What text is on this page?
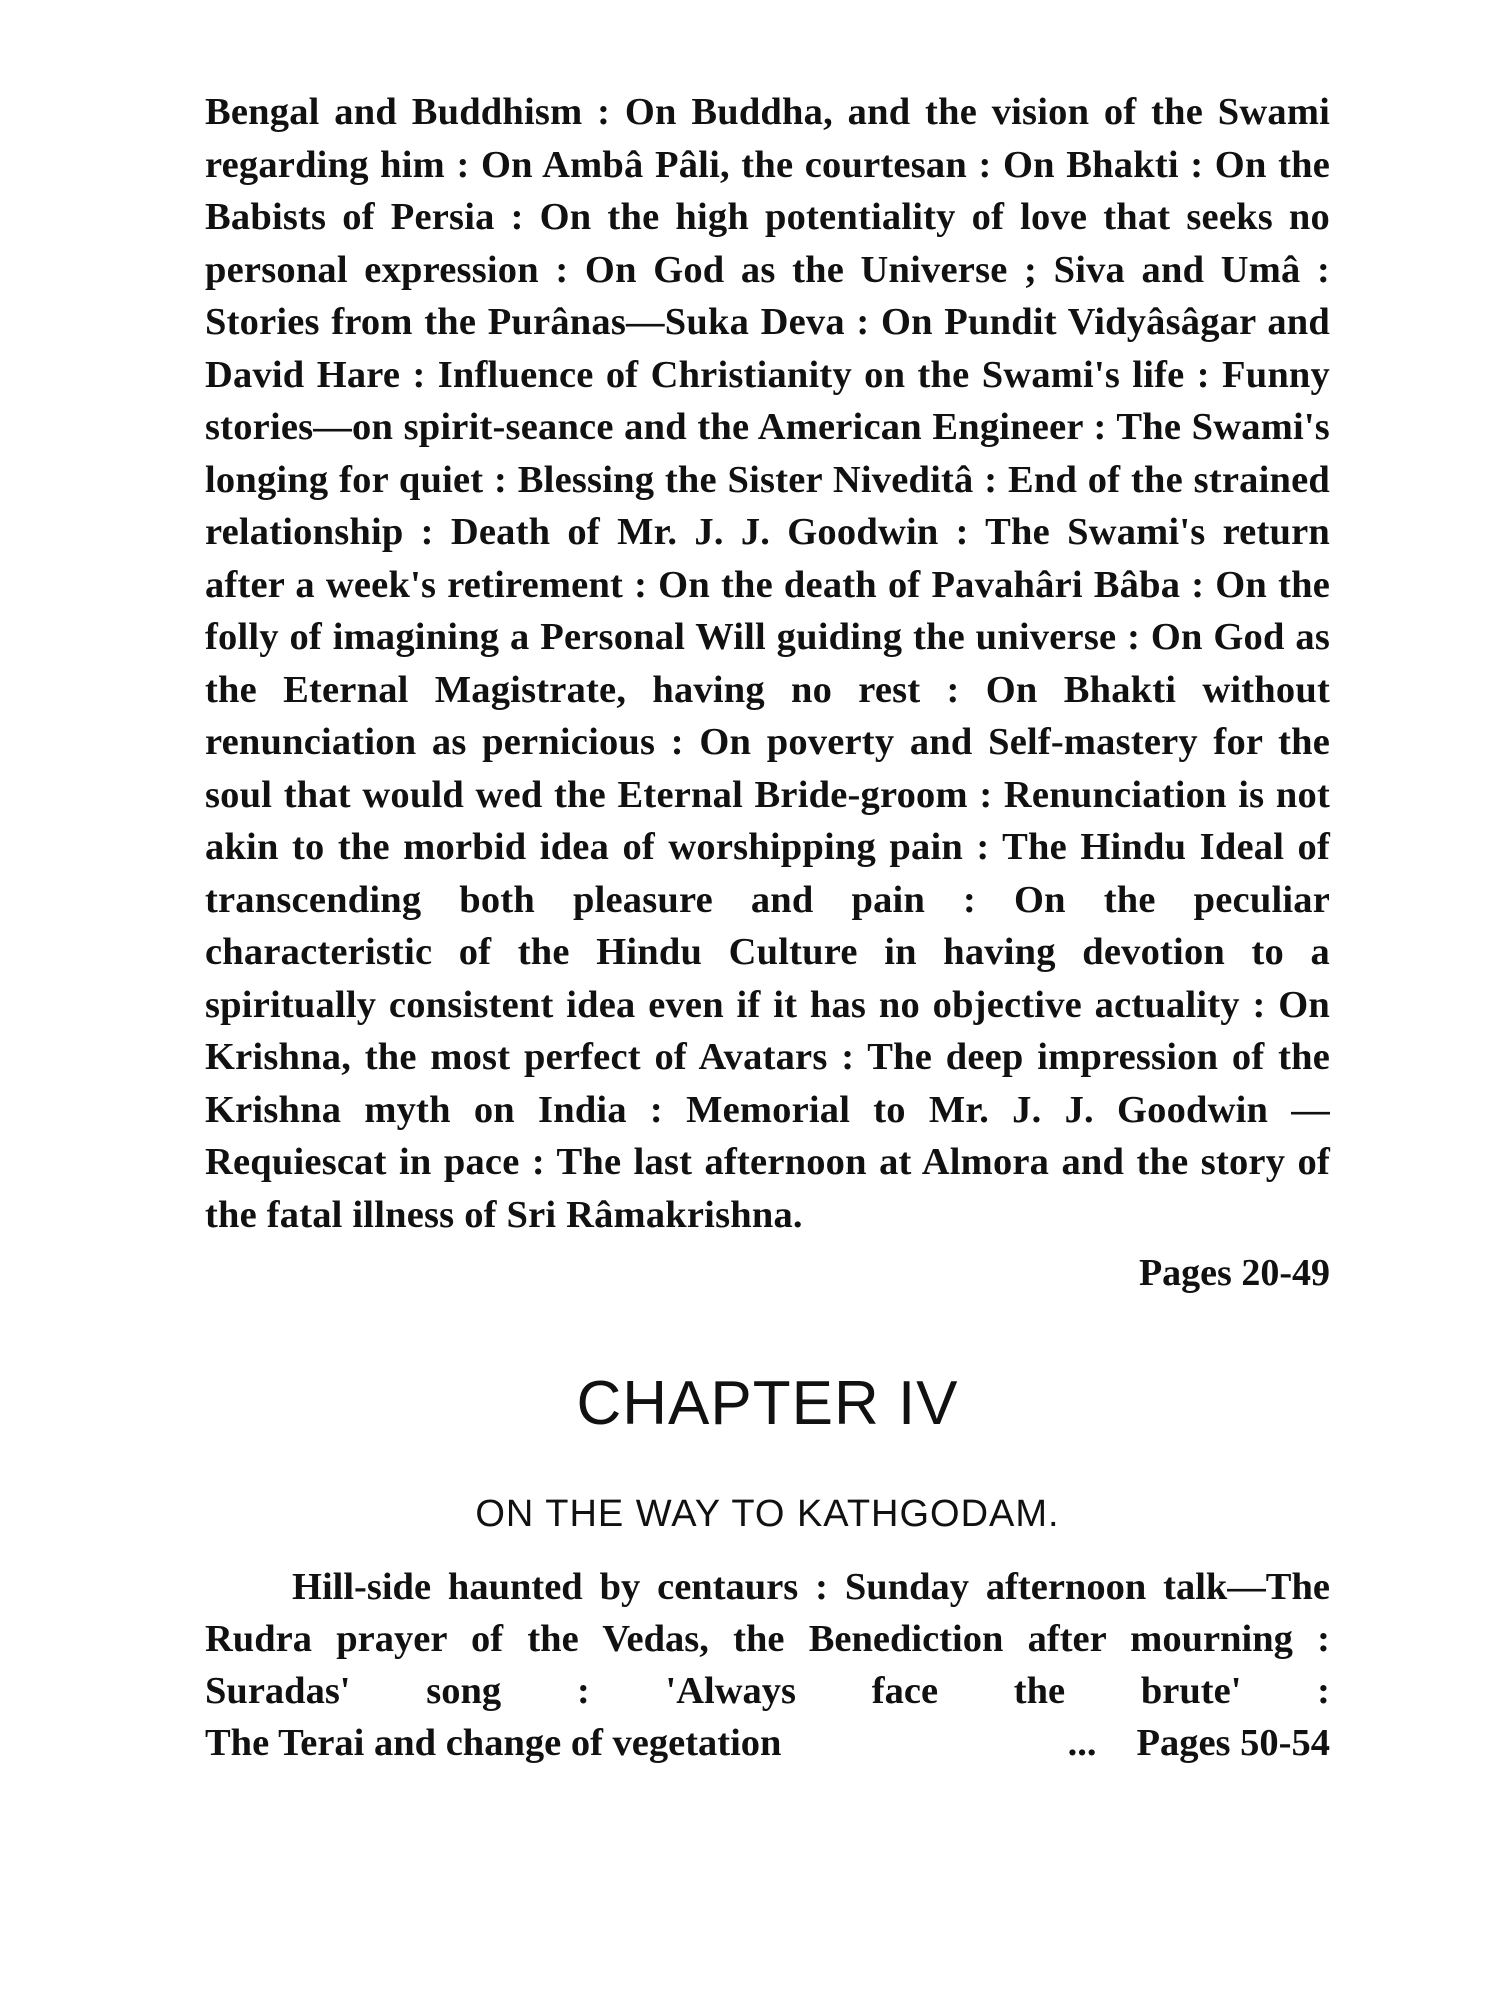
Bengal and Buddhism : On Buddha, and the vision of the Swami regarding him : On Ambâ Pâli, the courtesan : On Bhakti : On the Babists of Persia : On the high potentiality of love that seeks no personal expression : On God as the Universe ; Siva and Umâ : Stories from the Purânas—Suka Deva : On Pundit Vidyâsâgar and David Hare : Influence of Christianity on the Swami's life : Funny stories—on spirit-seance and the American Engineer : The Swami's longing for quiet : Blessing the Sister Niveditâ : End of the strained relationship : Death of Mr. J. J. Goodwin : The Swami's return after a week's retirement : On the death of Pavahâri Bâba : On the folly of imagining a Personal Will guiding the universe : On God as the Eternal Magistrate, having no rest : On Bhakti without renunciation as pernicious : On poverty and Self-mastery for the soul that would wed the Eternal Bride-groom : Renunciation is not akin to the morbid idea of worshipping pain : The Hindu Ideal of transcending both pleasure and pain : On the peculiar characteristic of the Hindu Culture in having devotion to a spiritually consistent idea even if it has no objective actuality : On Krishna, the most perfect of Avatars : The deep impression of the Krishna myth on India : Memorial to Mr. J. J. Goodwin —Requiescat in pace : The last afternoon at Almora and the story of the fatal illness of Sri Râmakrishna.

Pages 20-49
CHAPTER IV
ON THE WAY TO KATHGODAM.

Hill-side haunted by centaurs : Sunday afternoon talk—The Rudra prayer of the Vedas, the Benediction after mourning : Suradas' song : 'Always face the brute' :

The Terai and change of vegetation	... Pages 50-54
